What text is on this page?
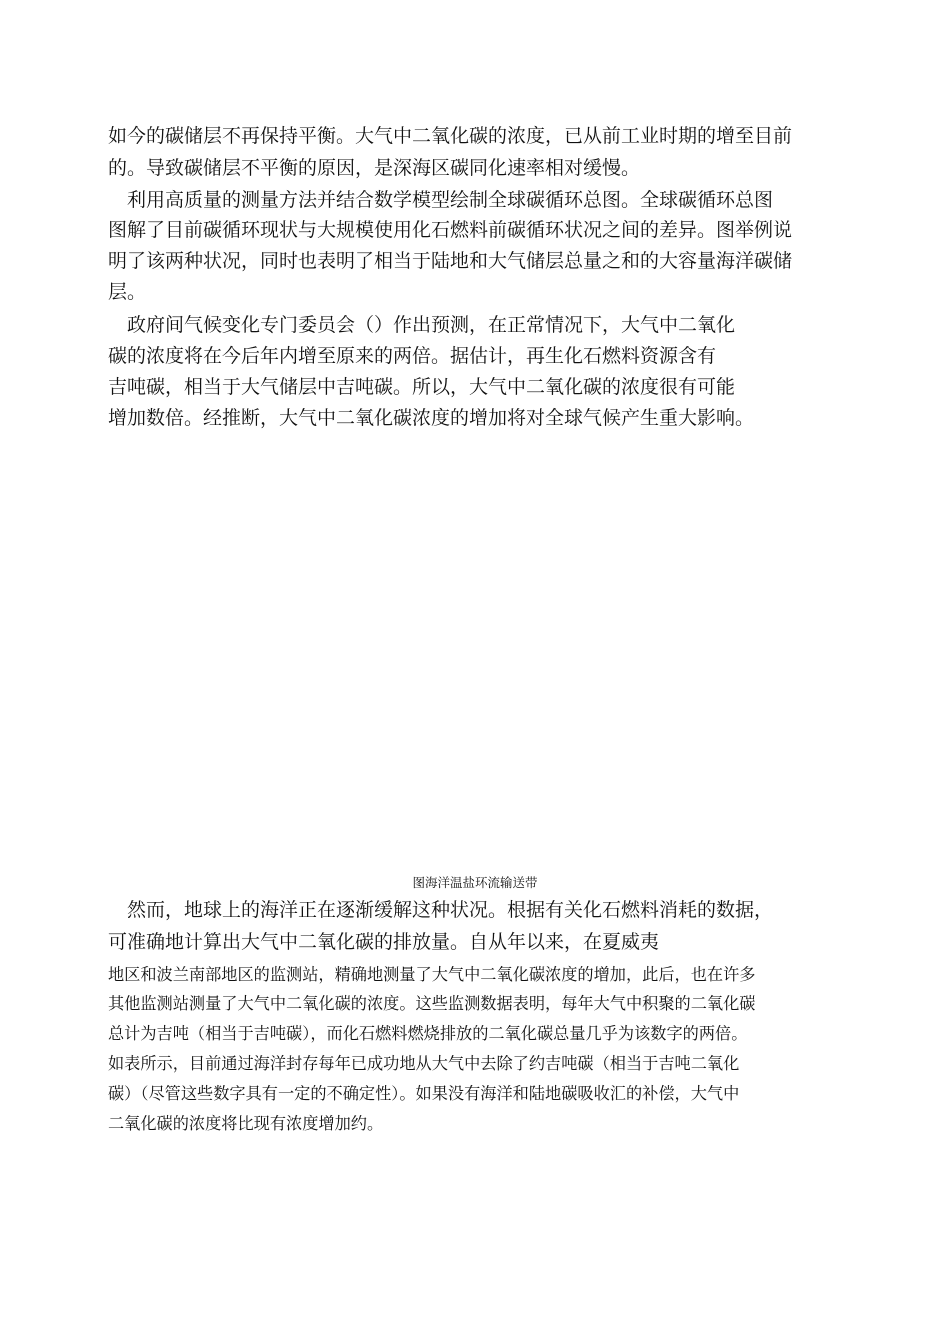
如今的碳储层不再保持平衡。大气中二氧化碳的浓度，已从前工业时期的增至目前
的。导致碳储层不平衡的原因，是深海区碳同化速率相对缓慢。
　利用高质量的测量方法并结合数学模型绘制全球碳循环总图。全球碳循环总图
图解了目前碳循环现状与大规模使用化石燃料前碳循环状况之间的差异。图举例说
明了该两种状况，同时也表明了相当于陆地和大气储层总量之和的大容量海洋碳储
层。
　政府间气候变化专门委员会（）作出预测，在正常情况下，大气中二氧化
碳的浓度将在今后年内增至原来的两倍。据估计，再生化石燃料资源含有
吉吨碳，相当于大气储层中吉吨碳。所以，大气中二氧化碳的浓度很有可能
增加数倍。经推断，大气中二氧化碳浓度的增加将对全球气候产生重大影响。
图海洋温盐环流输送带
　然而，地球上的海洋正在逐渐缓解这种状况。根据有关化石燃料消耗的数据，
可准确地计算出大气中二氧化碳的排放量。自从年以来，在夏威夷
地区和波兰南部地区的监测站，精确地测量了大气中二氧化碳浓度的增加，此后，也在许多
其他监测站测量了大气中二氧化碳的浓度。这些监测数据表明，每年大气中积聚的二氧化碳
总计为吉吨（相当于吉吨碳），而化石燃料燃烧排放的二氧化碳总量几乎为该数字的两倍。
如表所示，目前通过海洋封存每年已成功地从大气中去除了约吉吨碳（相当于吉吨二氧化
碳）（尽管这些数字具有一定的不确定性）。如果没有海洋和陆地碳吸收汇的补偿，大气中
二氧化碳的浓度将比现有浓度增加约。
